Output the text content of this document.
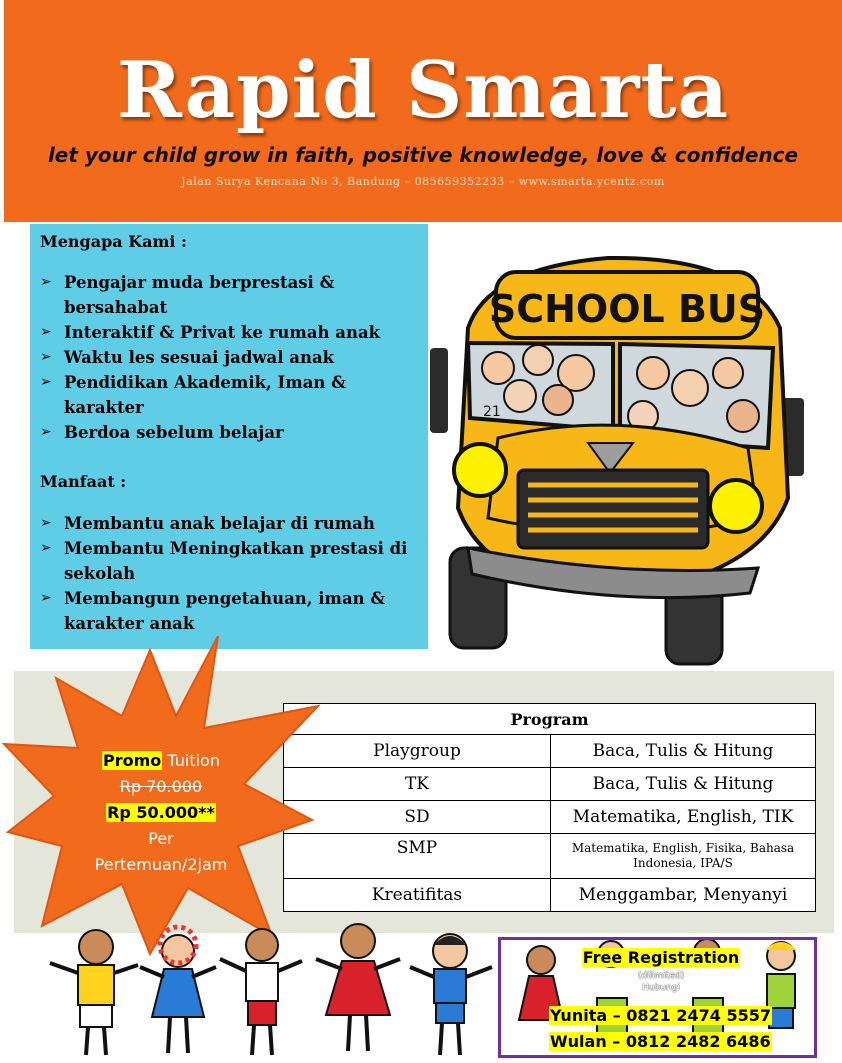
Rapid Smarta
let your child grow in faith, positive knowledge, love & confidence
Jalan Surya Kencana No 3, Bandung – 085659352233 – www.smarta.ycentz.com
Mengapa Kami :
➢ Pengajar muda berprestasi & bersahabat
➢ Interaktif & Privat ke rumah anak
➢ Waktu les sesuai jadwal anak
➢ Pendidikan Akademik, Iman & karakter
➢ Berdoa sebelum belajar
Manfaat :
➢ Membantu anak belajar di rumah
➢ Membantu Meningkatkan prestasi di sekolah
➢ Membangun pengetahuan, iman & karakter anak
SCHOOL BUS
21
Program	
Playgroup	Baca, Tulis & Hitung
TK	Baca, Tulis & Hitung
SD	Matematika, English, TIK
SMP	Matematika, English, Fisika, Bahasa Indonesia, IPA/S
Kreatifitas	Menggambar, Menyanyi
Promo Tuition
Rp 70.000
Rp 50.000**
Per
Pertemuan/2jam
Free Registration
(dilimited)
Hubungi
Yunita – 0821 2474 5557
Wulan – 0812 2482 6486
